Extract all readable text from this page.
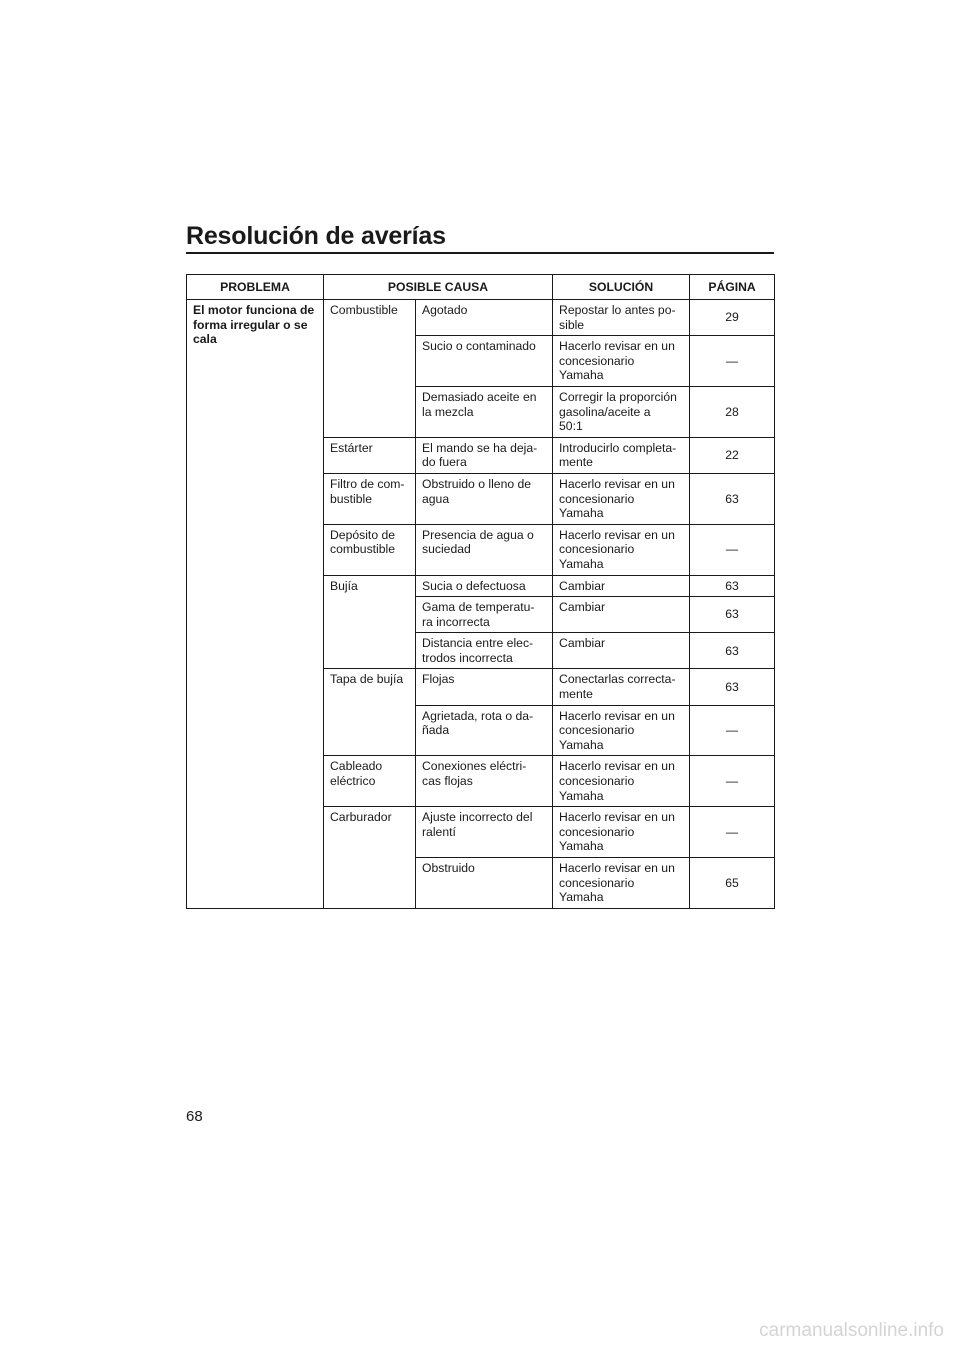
Resolución de averías
PROBLEMA	POSIBLE CAUSA		SOLUCIÓN	PÁGINA
El motor funciona de forma irregular o se cala	Combustible	Agotado	Repostar lo antes po-
sible	29
		Sucio o contaminado	Hacerlo revisar en un
concesionario
Yamaha	—
		Demasiado aceite en
la mezcla	Corregir la proporción
gasolina/aceite a
50:1	28
	Estárter	El mando se ha deja-
do fuera	Introducirlo completa-
mente	22
	Filtro de com-
bustible	Obstruido o lleno de
agua	Hacerlo revisar en un
concesionario
Yamaha	63
	Depósito de
combustible	Presencia de agua o
suciedad	Hacerlo revisar en un
concesionario
Yamaha	—
	Bujía	Sucia o defectuosa	Cambiar	63
		Gama de temperatu-
ra incorrecta	Cambiar	63
		Distancia entre elec-
trodos incorrecta	Cambiar	63
	Tapa de bujía	Flojas	Conectarlas correcta-
mente	63
		Agrietada, rota o da-
ñada	Hacerlo revisar en un
concesionario
Yamaha	—
	Cableado
eléctrico	Conexiones eléctri-
cas flojas	Hacerlo revisar en un
concesionario
Yamaha	—
	Carburador	Ajuste incorrecto del
ralentí	Hacerlo revisar en un
concesionario
Yamaha	—
		Obstruido	Hacerlo revisar en un
concesionario
Yamaha	65
68
carmanualsonline.info
